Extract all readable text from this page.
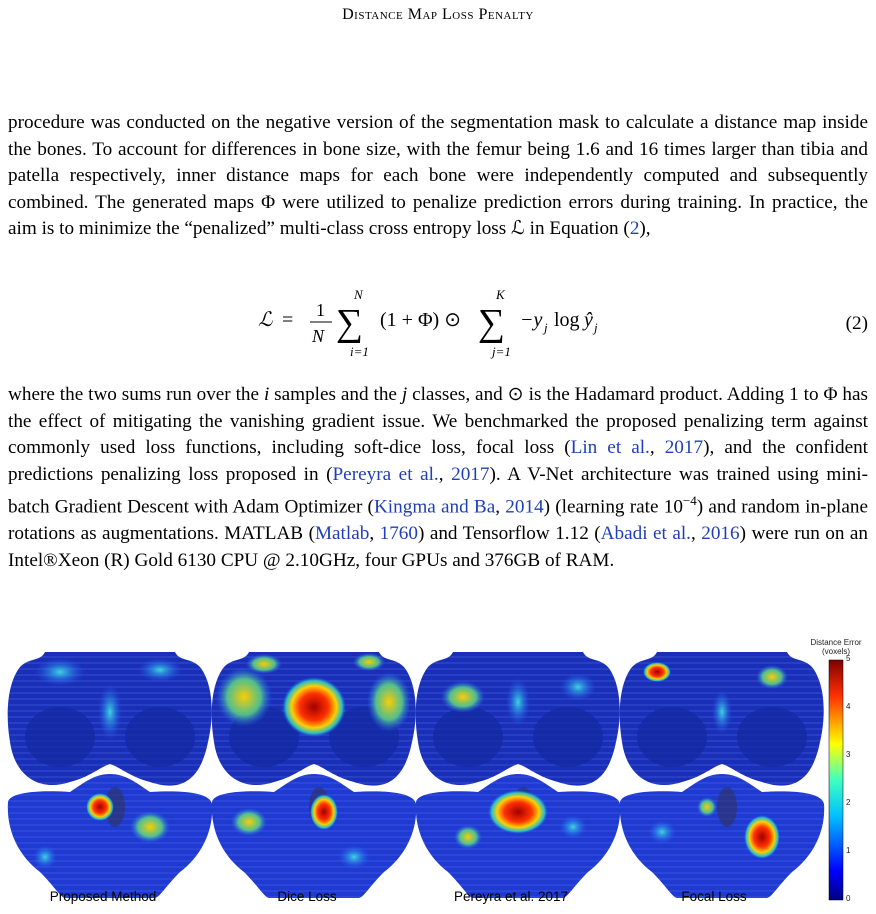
Distance Map Loss Penalty

procedure was conducted on the negative version of the segmentation mask to calculate a distance map inside the bones. To account for differences in bone size, with the femur being 1.6 and 16 times larger than tibia and patella respectively, inner distance maps for each bone were independently computed and subsequently combined. The generated maps Φ were utilized to penalize prediction errors during training. In practice, the aim is to minimize the “penalized” multi-class cross entropy loss ℒ in Equation (2),

ℒ = 1
N
N
∑
i=1
(1 + Φ) ⊙
K
∑
j=1
−y j log ŷ j	(2)

where the two sums run over the i samples and the j classes, and ⊙ is the Hadamard product. Adding 1 to Φ has the effect of mitigating the vanishing gradient issue. We benchmarked the proposed penalizing term against commonly used loss functions, including soft-dice loss, focal loss (Lin et al., 2017), and the confident predictions penalizing loss proposed in (Pereyra et al., 2017). A V-Net architecture was trained using mini-batch Gradient Descent with Adam Optimizer (Kingma and Ba, 2014) (learning rate $10^{-4}$) and random in-plane rotations as augmentations. MATLAB (Matlab, 1760) and Tensorflow 1.12 (Abadi et al., 2016) were run on an Intel®Xeon (R) Gold 6130 CPU @ 2.10GHz, four GPUs and 376GB of RAM.

Distance Error
(voxels)
5
4
3
2
1
0
Proposed Method	Dice Loss	Pereyra et al. 2017	Focal Loss
